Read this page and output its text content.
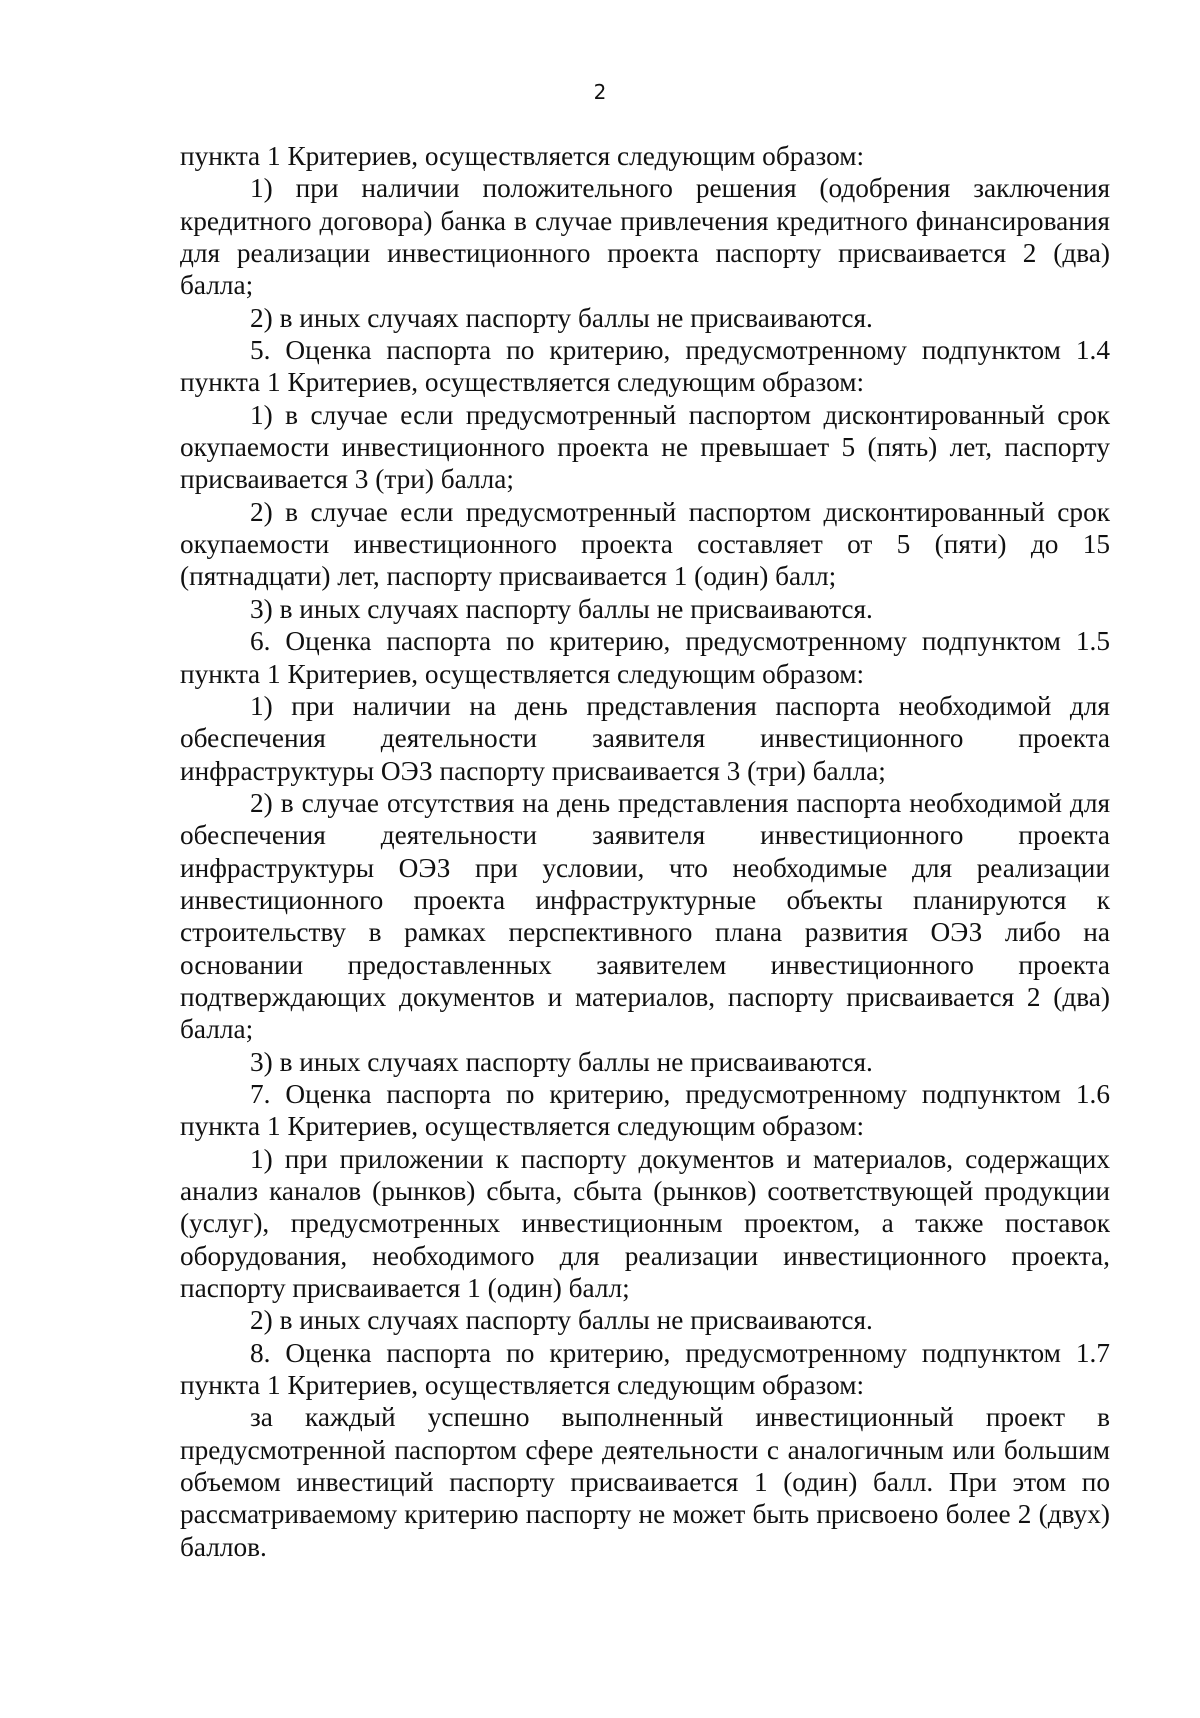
2

пункта 1 Критериев, осуществляется следующим образом:

1) при наличии положительного решения (одобрения заключения кредитного договора) банка в случае привлечения кредитного финансирования для реализации инвестиционного проекта паспорту присваивается 2 (два) балла;

2) в иных случаях паспорту баллы не присваиваются.

5. Оценка паспорта по критерию, предусмотренному подпунктом 1.4 пункта 1 Критериев, осуществляется следующим образом:

1) в случае если предусмотренный паспортом дисконтированный срок окупаемости инвестиционного проекта не превышает 5 (пять) лет, паспорту присваивается 3 (три) балла;

2) в случае если предусмотренный паспортом дисконтированный срок окупаемости инвестиционного проекта составляет от 5 (пяти) до 15 (пятнадцати) лет, паспорту присваивается 1 (один) балл;

3) в иных случаях паспорту баллы не присваиваются.

6. Оценка паспорта по критерию, предусмотренному подпунктом 1.5 пункта 1 Критериев, осуществляется следующим образом:

1) при наличии на день представления паспорта необходимой для обеспечения деятельности заявителя инвестиционного проекта инфраструктуры ОЭЗ паспорту присваивается 3 (три) балла;

2) в случае отсутствия на день представления паспорта необходимой для обеспечения деятельности заявителя инвестиционного проекта инфраструктуры ОЭЗ при условии, что необходимые для реализации инвестиционного проекта инфраструктурные объекты планируются к строительству в рамках перспективного плана развития ОЭЗ либо на основании предоставленных заявителем инвестиционного проекта подтверждающих документов и материалов, паспорту присваивается 2 (два) балла;

3) в иных случаях паспорту баллы не присваиваются.

7. Оценка паспорта по критерию, предусмотренному подпунктом 1.6 пункта 1 Критериев, осуществляется следующим образом:

1) при приложении к паспорту документов и материалов, содержащих анализ каналов (рынков) сбыта, сбыта (рынков) соответствующей продукции (услуг), предусмотренных инвестиционным проектом, а также поставок оборудования, необходимого для реализации инвестиционного проекта, паспорту присваивается 1 (один) балл;

2) в иных случаях паспорту баллы не присваиваются.

8. Оценка паспорта по критерию, предусмотренному подпунктом 1.7 пункта 1 Критериев, осуществляется следующим образом:

за каждый успешно выполненный инвестиционный проект в предусмотренной паспортом сфере деятельности с аналогичным или большим объемом инвестиций паспорту присваивается 1 (один) балл. При этом по рассматриваемому критерию паспорту не может быть присвоено более 2 (двух) баллов.
